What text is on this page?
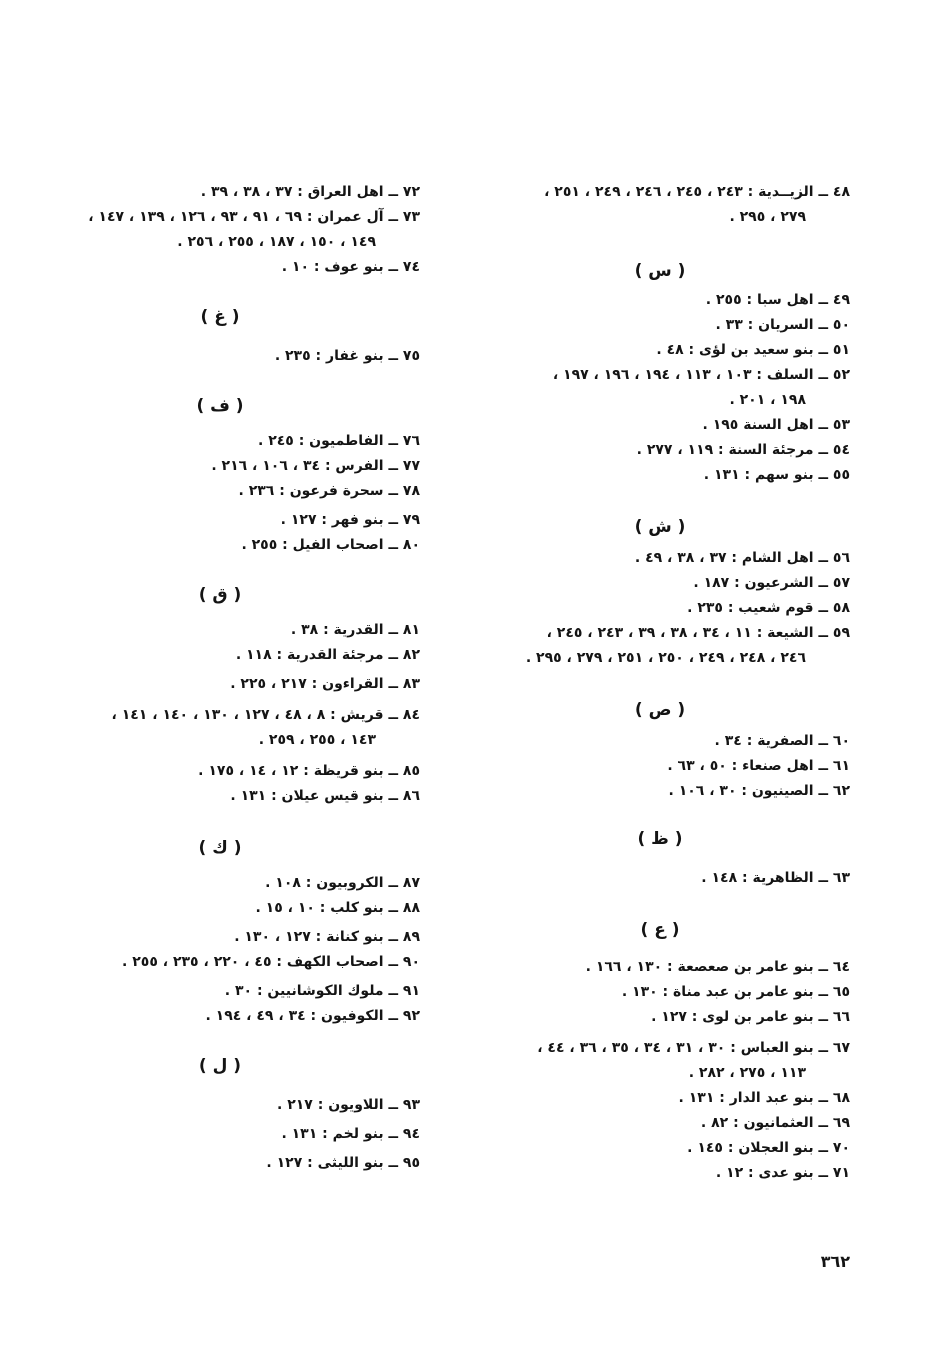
٤٨ ــ الزيــدية : ٢٤٣ ، ٢٤٥ ، ٢٤٦ ، ٢٤٩ ، ٢٥١ ،
٢٧٩ ، ٢٩٥ .
( س )
٤٩ ــ اهل سبا : ٢٥٥ .
٥٠ ــ السريان : ٣٣ .
٥١ ــ بنو سعيد بن لؤى : ٤٨ .
٥٢ ــ السلف : ١٠٣ ، ١١٣ ، ١٩٤ ، ١٩٦ ، ١٩٧ ،
١٩٨ ، ٢٠١ .
٥٣ ــ اهل السنة ١٩٥ .
٥٤ ــ مرجئة السنة : ١١٩ ، ٢٧٧ .
٥٥ ــ بنو سهم : ١٣١ .
( ش )
٥٦ ــ اهل الشام : ٣٧ ، ٣٨ ، ٤٩ .
٥٧ ــ الشرعيون : ١٨٧ .
٥٨ ــ قوم شعيب : ٢٣٥ .
٥٩ ــ الشيعة : ١١ ، ٣٤ ، ٣٨ ، ٣٩ ، ٢٤٣ ، ٢٤٥ ،
٢٤٦ ، ٢٤٨ ، ٢٤٩ ، ٢٥٠ ، ٢٥١ ، ٢٧٩ ، ٢٩٥ .
( ص )
٦٠ ــ الصفرية : ٣٤ .
٦١ ــ اهل صنعاء : ٥٠ ، ٦٣ .
٦٢ ــ الصينيون : ٣٠ ، ١٠٦ .
( ظ )
٦٣ ــ الظاهرية : ١٤٨ .
( ع )
٦٤ ــ بنو عامر بن صعصعة : ١٣٠ ، ١٦٦ .
٦٥ ــ بنو عامر بن عبد مناة : ١٣٠ .
٦٦ ــ بنو عامر بن لوى : ١٢٧ .
٦٧ ــ بنو العباس : ٣٠ ، ٣١ ، ٣٤ ، ٣٥ ، ٣٦ ، ٤٤ ،
١١٣ ، ٢٧٥ ، ٢٨٢ .
٦٨ ــ بنو عبد الدار : ١٣١ .
٦٩ ــ العثمانيون : ٨٢ .
٧٠ ــ بنو العجلان : ١٤٥ .
٧١ ــ بنو عدى : ١٢ .
٧٢ ــ اهل العراق : ٣٧ ، ٣٨ ، ٣٩ .
٧٣ ــ آل عمران : ٦٩ ، ٩١ ، ٩٣ ، ١٢٦ ، ١٣٩ ، ١٤٧ ،
١٤٩ ، ١٥٠ ، ١٨٧ ، ٢٥٥ ، ٢٥٦ .
٧٤ ــ بنو عوف : ١٠ .
( غ )
٧٥ ــ بنو غفار : ٢٣٥ .
( ف )
٧٦ ــ الفاطميون : ٢٤٥ .
٧٧ ــ الفرس : ٣٤ ، ١٠٦ ، ٢١٦ .
٧٨ ــ سحرة فرعون : ٢٣٦ .
٧٩ ــ بنو فهر : ١٢٧ .
٨٠ ــ اصحاب الفيل : ٢٥٥ .
( ق )
٨١ ــ القدرية : ٣٨ .
٨٢ ــ مرجئة القدرية : ١١٨ .
٨٣ ــ القراءون : ٢١٧ ، ٢٢٥ .
٨٤ ــ قريش : ٨ ، ٤٨ ، ١٢٧ ، ١٣٠ ، ١٤٠ ، ١٤١ ،
١٤٣ ، ٢٥٥ ، ٢٥٩ .
٨٥ ــ بنو قريظة : ١٢ ، ١٤ ، ١٧٥ .
٨٦ ــ بنو قيس عيلان : ١٣١ .
( ك )
٨٧ ــ الكروبيون : ١٠٨ .
٨٨ ــ بنو كلب : ١٠ ، ١٥ .
٨٩ ــ بنو كنانة : ١٢٧ ، ١٣٠ .
٩٠ ــ اصحاب الكهف : ٤٥ ، ٢٢٠ ، ٢٣٥ ، ٢٥٥ .
٩١ ــ ملوك الكوشانيين : ٣٠ .
٩٢ ــ الكوفيون : ٣٤ ، ٤٩ ، ١٩٤ .
( ل )
٩٣ ــ اللاويون : ٢١٧ .
٩٤ ــ بنو لخم : ١٣١ .
٩٥ ــ بنو الليثى : ١٢٧ .
٣٦٢
